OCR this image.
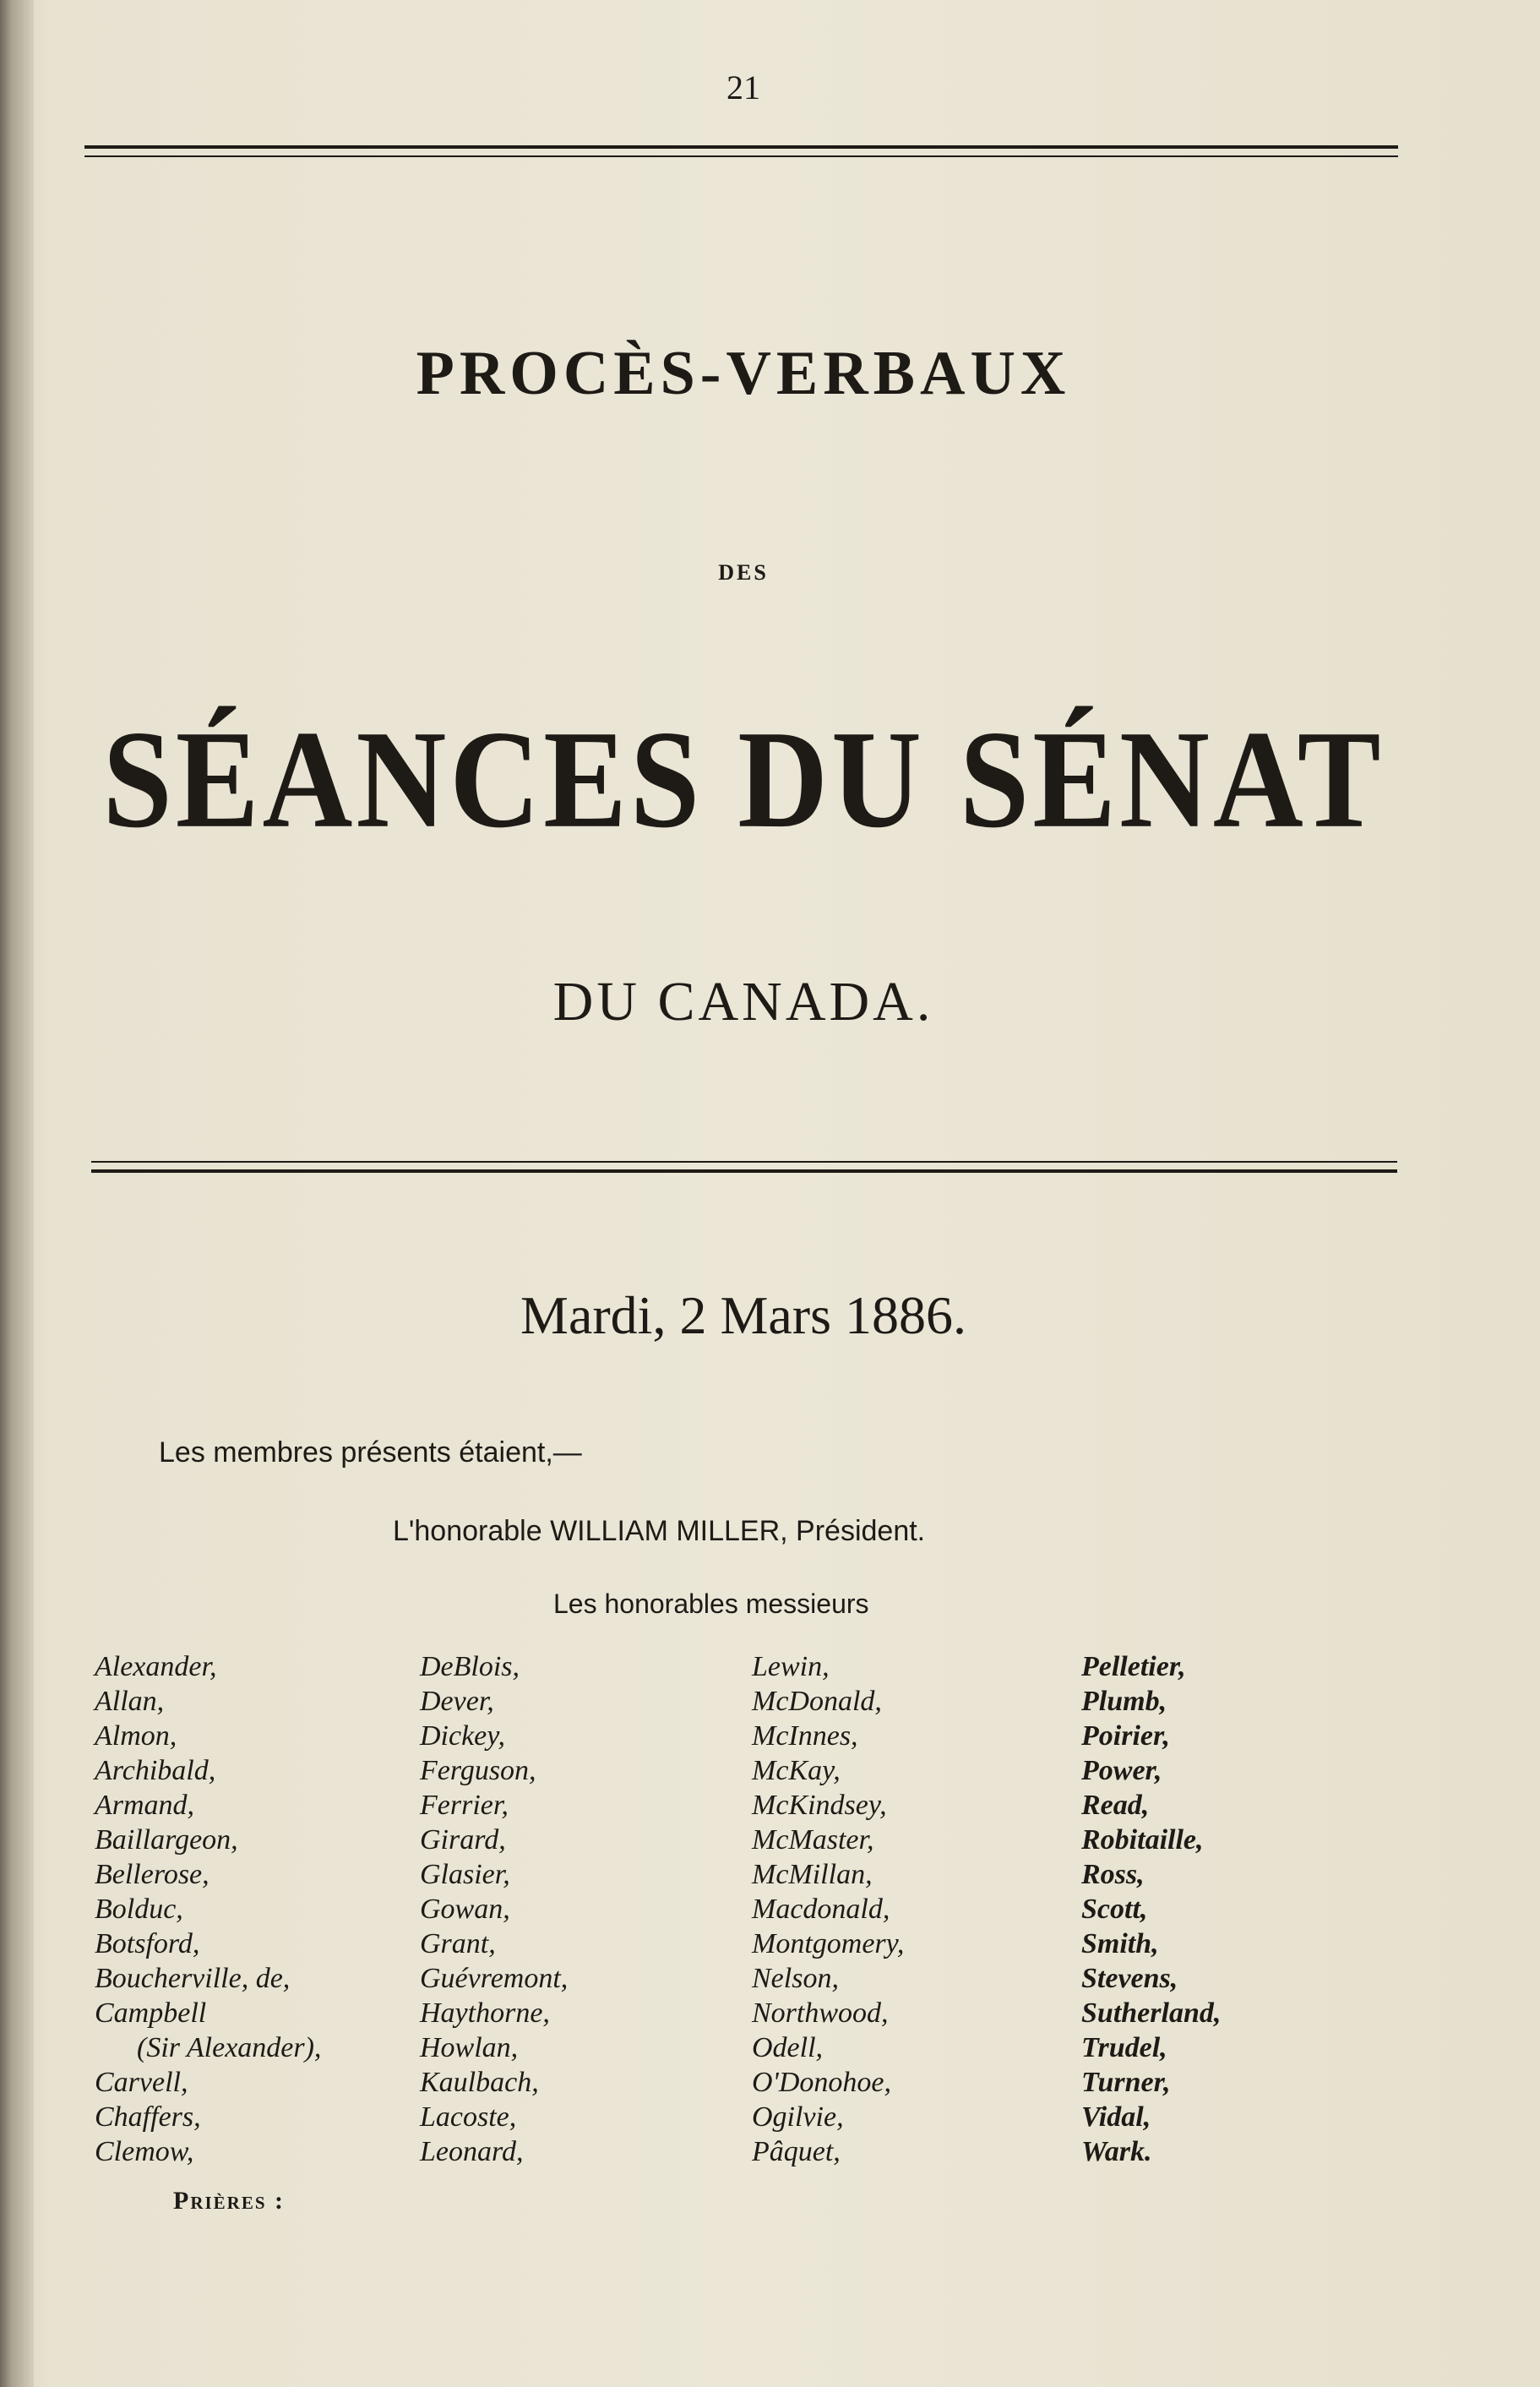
21
PROCÈS-VERBAUX
DES
SÉANCES DU SÉNAT
DU CANADA.
Mardi, 2 Mars 1886.
Les membres présents étaient,—
L'honorable WILLIAM MILLER, Président.
Les honorables messieurs
Alexander,
Allan,
Almon,
Archibald,
Armand,
Baillargeon,
Bellerose,
Bolduc,
Botsford,
Boucherville, de,
Campbell
(Sir Alexander),
Carvell,
Chaffers,
Clemow,
DeBlois,
Dever,
Dickey,
Ferguson,
Ferrier,
Girard,
Glasier,
Gowan,
Grant,
Guévremont,
Haythorne,
Howlan,
Kaulbach,
Lacoste,
Leonard,
Lewin,
McDonald,
McInnes,
McKay,
McKindsey,
McMaster,
McMillan,
Macdonald,
Montgomery,
Nelson,
Northwood,
Odell,
O'Donohoe,
Ogilvie,
Pâquet,
Pelletier,
Plumb,
Poirier,
Power,
Read,
Robitaille,
Ross,
Scott,
Smith,
Stevens,
Sutherland,
Trudel,
Turner,
Vidal,
Wark.
Prières :
